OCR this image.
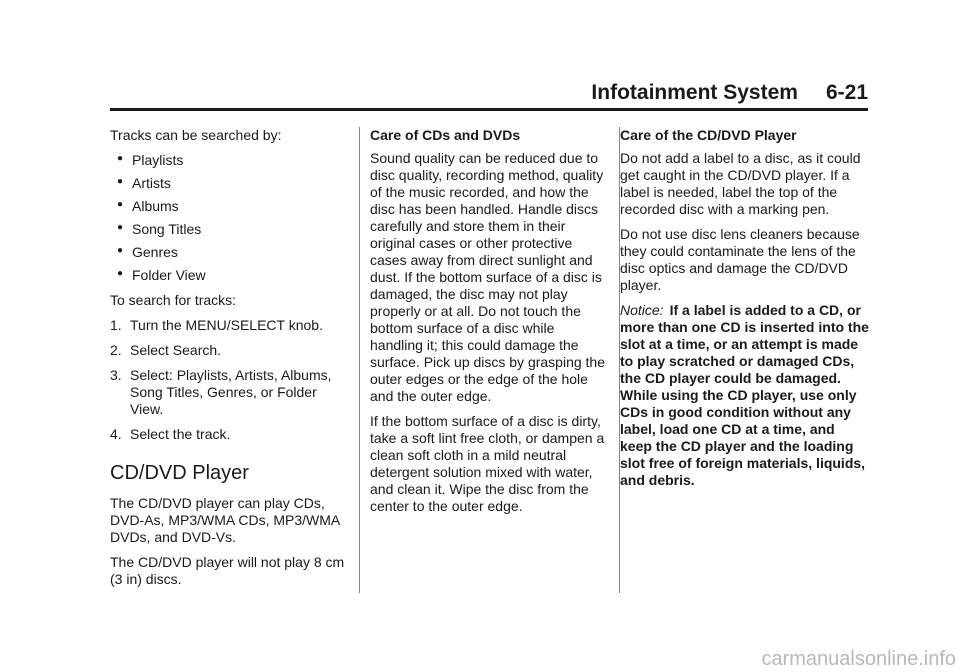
Infotainment System 6-21

Tracks can be searched by:

● Playlists
● Artists
● Albums
● Song Titles
● Genres
● Folder View

To search for tracks:

1. Turn the MENU/SELECT knob.
2. Select Search.
3. Select: Playlists, Artists, Albums, Song Titles, Genres, or Folder View.
4. Select the track.
CD/DVD Player

The CD/DVD player can play CDs, DVD-As, MP3/WMA CDs, MP3/WMA DVDs, and DVD-Vs.

The CD/DVD player will not play 8 cm (3 in) discs.

Care of CDs and DVDs

Sound quality can be reduced due to disc quality, recording method, quality of the music recorded, and how the disc has been handled. Handle discs carefully and store them in their original cases or other protective cases away from direct sunlight and dust. If the bottom surface of a disc is damaged, the disc may not play properly or at all. Do not touch the bottom surface of a disc while handling it; this could damage the surface. Pick up discs by grasping the outer edges or the edge of the hole and the outer edge.

If the bottom surface of a disc is dirty, take a soft lint free cloth, or dampen a clean soft cloth in a mild neutral detergent solution mixed with water, and clean it. Wipe the disc from the center to the outer edge.

Care of the CD/DVD Player

Do not add a label to a disc, as it could get caught in the CD/DVD player. If a label is needed, label the top of the recorded disc with a marking pen.

Do not use disc lens cleaners because they could contaminate the lens of the disc optics and damage the CD/DVD player.

Notice: If a label is added to a CD, or more than one CD is inserted into the slot at a time, or an attempt is made to play scratched or damaged CDs, the CD player could be damaged. While using the CD player, use only CDs in good condition without any label, load one CD at a time, and keep the CD player and the loading slot free of foreign materials, liquids, and debris.

carmanualsonline.info
